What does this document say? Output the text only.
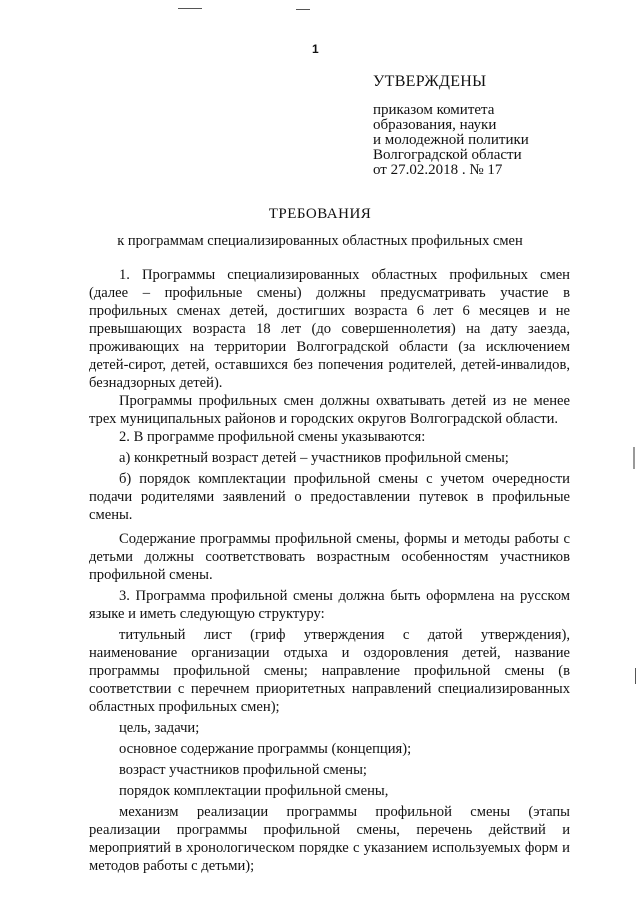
1
УТВЕРЖДЕНЫ
приказом комитета
образования, науки
и молодежной политики
Волгоградской области
от 27.02.2018 . № 17
ТРЕБОВАНИЯ
к программам специализированных областных профильных смен

1. Программы специализированных областных профильных смен (далее – профильные смены) должны предусматривать участие в профильных сменах детей, достигших возраста 6 лет 6 месяцев и не превышающих возраста 18 лет (до совершеннолетия) на дату заезда, проживающих на территории Волгоградской области (за исключением детей-сирот, детей, оставшихся без попечения родителей, детей-инвалидов, безнадзорных детей).

Программы профильных смен должны охватывать детей из не менее трех муниципальных районов и городских округов Волгоградской области.

2. В программе профильной смены указываются:

а) конкретный возраст детей – участников профильной смены;

б) порядок комплектации профильной смены с учетом очередности подачи родителями заявлений о предоставлении путевок в профильные смены.

Содержание программы профильной смены, формы и методы работы с детьми должны соответствовать возрастным особенностям участников профильной смены.

3. Программа профильной смены должна быть оформлена на русском языке и иметь следующую структуру:

титульный лист (гриф утверждения с датой утверждения), наименование организации отдыха и оздоровления детей, название программы профильной смены; направление профильной смены (в соответствии с перечнем приоритетных направлений специализированных областных профильных смен);

цель, задачи;

основное содержание программы (концепция);

возраст участников профильной смены;

порядок комплектации профильной смены,

механизм реализации программы профильной смены (этапы реализации программы профильной смены, перечень действий и мероприятий в хронологическом порядке с указанием используемых форм и методов работы с детьми);
